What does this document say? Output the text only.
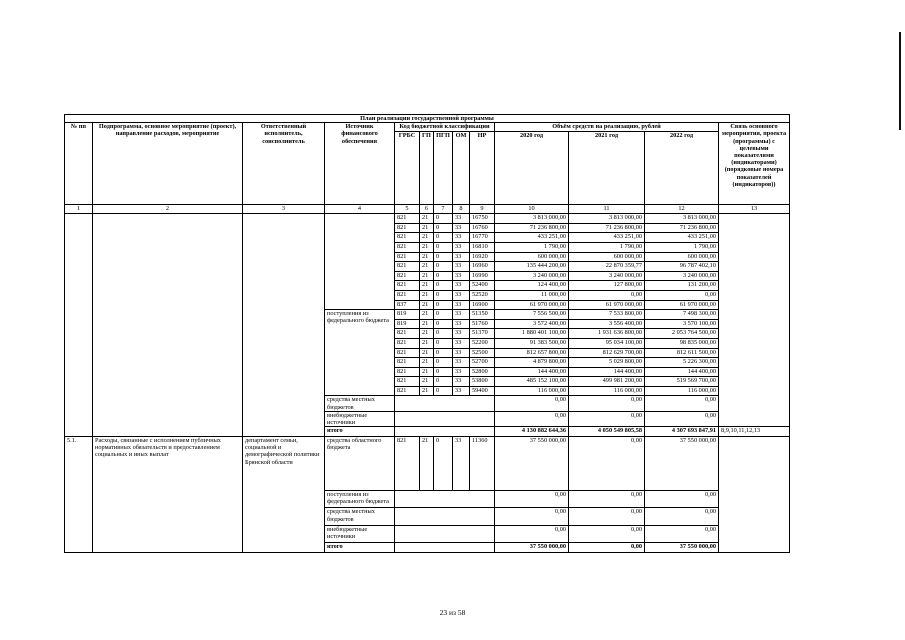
План реализации государственной программы												
№ пп	Подпрограмма, основное мероприятие (проект), направление расходов, мероприятие	Ответственный исполнитель, соисполнитель	Источник финансового обеспечения	Код бюджетной классификации					Объём средств на реализацию, рублей			Связь основного мероприятия, проекта (программы) с целевыми показателями (индикаторами) (порядковые номера показателей (индикаторов))
				ГРБС	ГП	ПГП	ОМ	НР	2020 год	2021 год	2022 год	
1	2	3	4	5	6	7	8	9	10	11	12	13
				821	21	0	33	16750	3 813 000,00	3 813 000,00	3 813 000,00	
				821	21	0	33	16760	71 236 800,00	71 236 800,00	71 236 800,00	
				821	21	0	33	16770	433 251,00	433 251,00	433 251,00	
				821	21	0	33	16810	1 790,00	1 790,00	1 790,00	
				821	21	0	33	16920	600 000,00	600 000,00	600 000,00	
				821	21	0	33	16960	135 444 200,00	22 870 359,77	96 787 402,10	
				821	21	0	33	16990	3 240 000,00	3 240 000,00	3 240 000,00	
				821	21	0	33	52400	124 400,00	127 800,00	131 200,00	
				821	21	0	33	52520	11 000,00	0,00	0,00	
				837	21	0	33	16900	61 970 000,00	61 970 000,00	61 970 000,00	
			поступления из федерального бюджета	819	21	0	33	51350	7 556 500,00	7 533 800,00	7 498 300,00	
				819	21	0	33	51760	3 572 400,00	3 556 400,00	3 570 100,00	
				821	21	0	33	51370	1 880 401 100,00	1 931 636 800,00	2 053 764 500,00	
				821	21	0	33	52200	91 383 500,00	95 034 100,00	98 835 000,00	
				821	21	0	33	52500	812 657 800,00	812 629 700,00	812 611 500,00	
				821	21	0	33	52700	4 879 800,00	5 029 800,00	5 226 300,00	
				821	21	0	33	52800	144 400,00	144 400,00	144 400,00	
				821	21	0	33	53800	485 152 100,00	499 981 200,00	519 569 700,00	
				821	21	0	33	59400	116 000,00	116 000,00	116 000,00	
			средства местных бюджетов						0,00	0,00	0,00	
			внебюджетные источники						0,00	0,00	0,00	
			итого						4 130 882 644,36	4 050 549 805,58	4 307 693 847,91	8,9,10,11,12,13
5.1.	Расходы, связанные с исполнением публичных нормативных обязательств и предоставлением социальных и иных выплат	департамент семьи, социальной и демографической политики Брянской области	средства областного бюджета	821	21	0	33	11360	37 550 000,00	0,00	37 550 000,00	
			поступления из федерального бюджета						0,00	0,00	0,00	
			средства местных бюджетов						0,00	0,00	0,00	
			внебюджетные источники						0,00	0,00	0,00	
			итого						37 550 000,00	0,00	37 550 000,00	
23 из 58
